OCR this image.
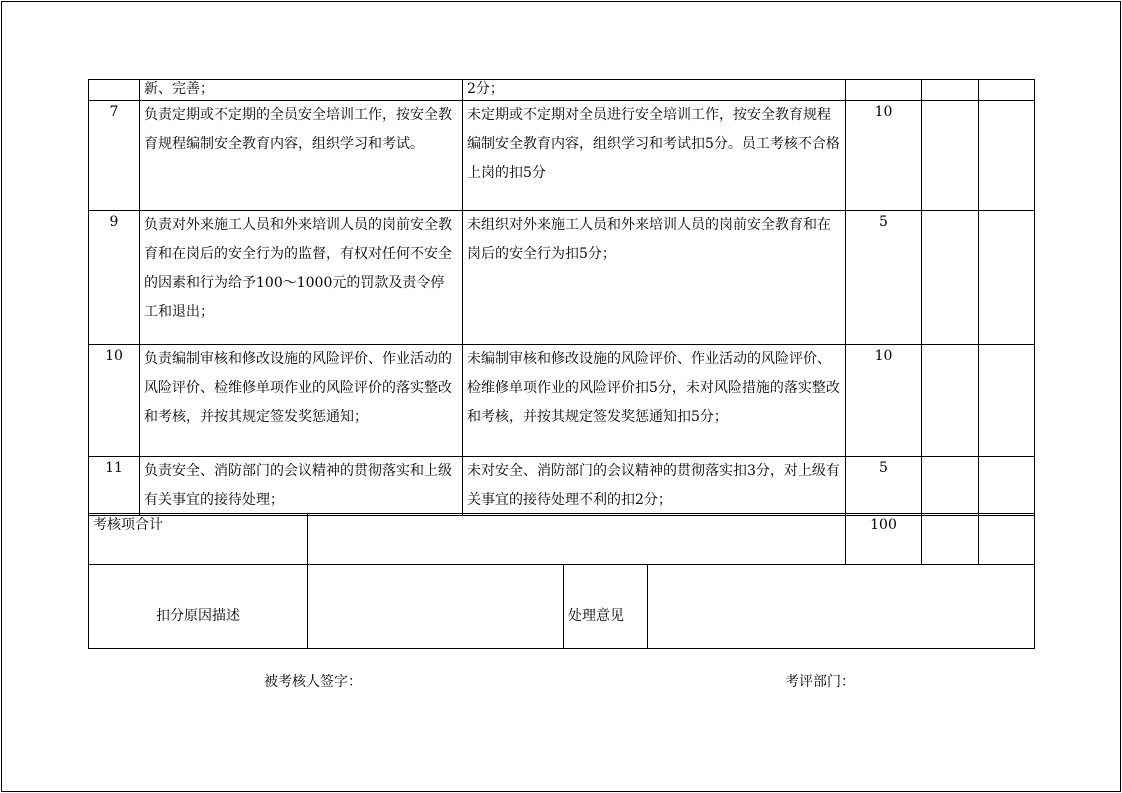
	新、完善；	2分；			
7	负责定期或不定期的全员安全培训工作，按安全教育规程编制安全教育内容，组织学习和考试。	未定期或不定期对全员进行安全培训工作，按安全教育规程编制安全教育内容，组织学习和考试扣5分。员工考核不合格上岗的扣5分	10		
9	负责对外来施工人员和外来培训人员的岗前安全教育和在岗后的安全行为的监督，有权对任何不安全的因素和行为给予100～1000元的罚款及责令停工和退出；	未组织对外来施工人员和外来培训人员的岗前安全教育和在岗后的安全行为扣5分；	5		
10	负责编制审核和修改设施的风险评价、作业活动的风险评价、检维修单项作业的风险评价的落实整改和考核，并按其规定签发奖惩通知；	未编制审核和修改设施的风险评价、作业活动的风险评价、检维修单项作业的风险评价扣5分，未对风险措施的落实整改和考核，并按其规定签发奖惩通知扣5分；	10		
11	负责安全、消防部门的会议精神的贯彻落实和上级有关事宜的接待处理；	未对安全、消防部门的会议精神的贯彻落实扣3分，对上级有关事宜的接待处理不利的扣2分；	5		
考核项合计		100		
扣分原因描述		处理意见	
被考核人签字：	考评部门：
